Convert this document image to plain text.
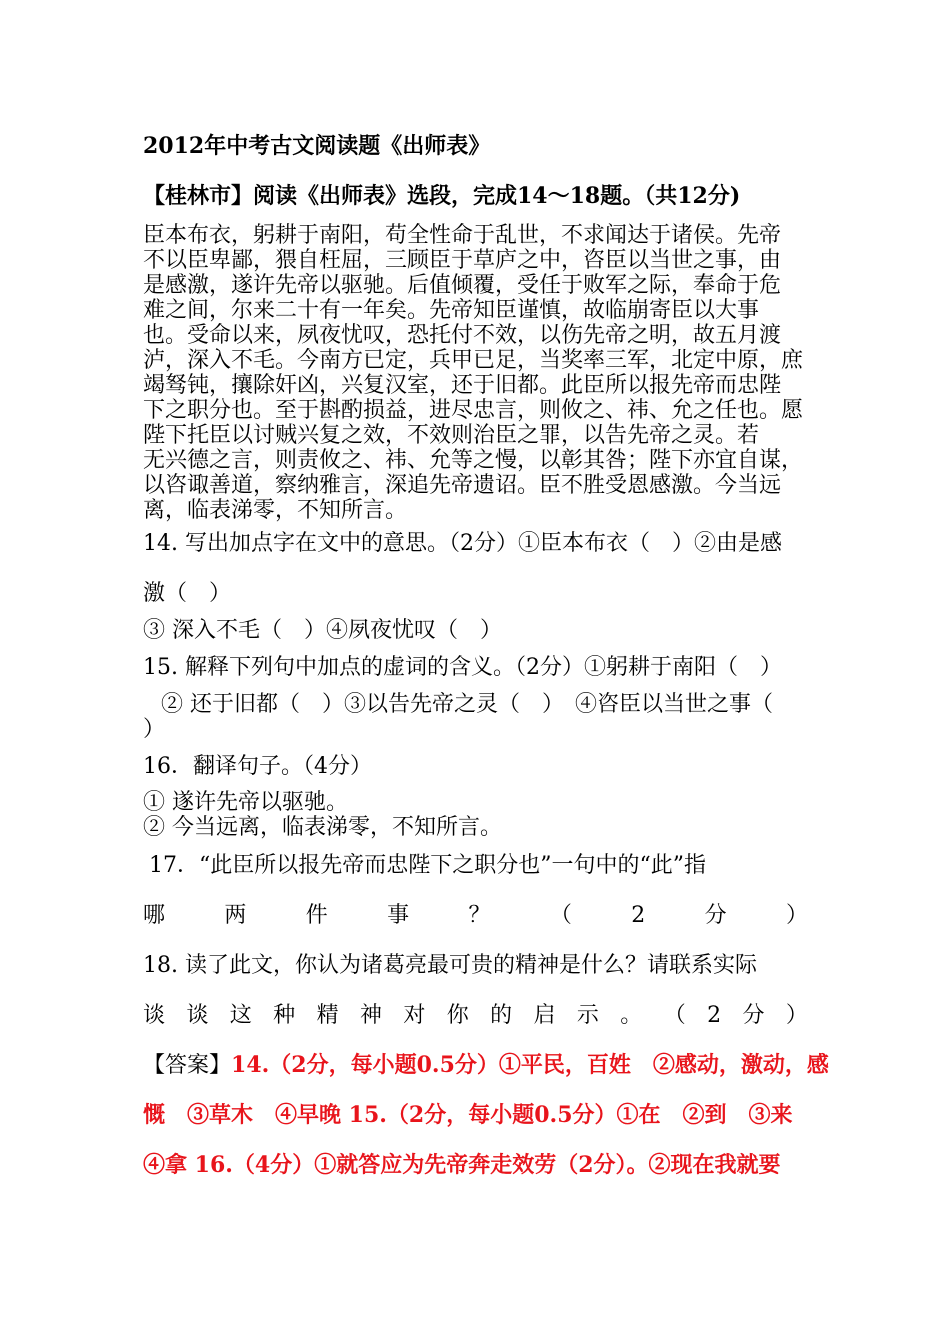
2012年中考古文阅读题《出师表》
【桂林市】阅读《出师表》选段，完成14～18题。（共12分)
臣本布衣，躬耕于南阳，苟全性命于乱世，不求闻达于诸侯。先帝
不以臣卑鄙，猥自枉屈，三顾臣于草庐之中，咨臣以当世之事，由
是感激，遂许先帝以驱驰。后值倾覆，受任于败军之际，奉命于危
难之间，尔来二十有一年矣。先帝知臣谨慎，故临崩寄臣以大事
也。受命以来，夙夜忧叹，恐托付不效，以伤先帝之明，故五月渡
泸，深入不毛。今南方已定，兵甲已足，当奖率三军，北定中原，庶
竭驽钝，攘除奸凶，兴复汉室，还于旧都。此臣所以报先帝而忠陛
下之职分也。至于斟酌损益，进尽忠言，则攸之、祎、允之任也。愿
陛下托臣以讨贼兴复之效，不效则治臣之罪，以告先帝之灵。若
无兴德之言，则责攸之、祎、允等之慢，以彰其咎；陛下亦宜自谋，
以咨诹善道，察纳雅言，深追先帝遗诏。臣不胜受恩感激。今当远
离，临表涕零，不知所言。
14. 写出加点字在文中的意思。（2分）①臣本布衣（　）②由是感
激（　）
③ 深入不毛（　）④夙夜忧叹（　）
15. 解释下列句中加点的虚词的含义。（2分）①躬耕于南阳（　）
② 还于旧都（　）③以告先帝之灵（　）　④咨臣以当世之事（
）
16．翻译句子。（4分）
① 遂许先帝以驱驰。
② 今当远离，临表涕零，不知所言。
17．“此臣所以报先帝而忠陛下之职分也”一句中的“此”指
哪	两	件	事	？	（	2	分	）
18. 读了此文，你认为诸葛亮最可贵的精神是什么？请联系实际
谈 谈 这 种 精 神 对 你 的 启 示 。 （ 2 分 ）
【答案】14.（2分，每小题0.5分）①平民，百姓　②感动，激动，感
慨　③草木　④早晚 15.（2分，每小题0.5分）①在　②到　③来
④拿 16.（4分）①就答应为先帝奔走效劳（2分）。②现在我就要
